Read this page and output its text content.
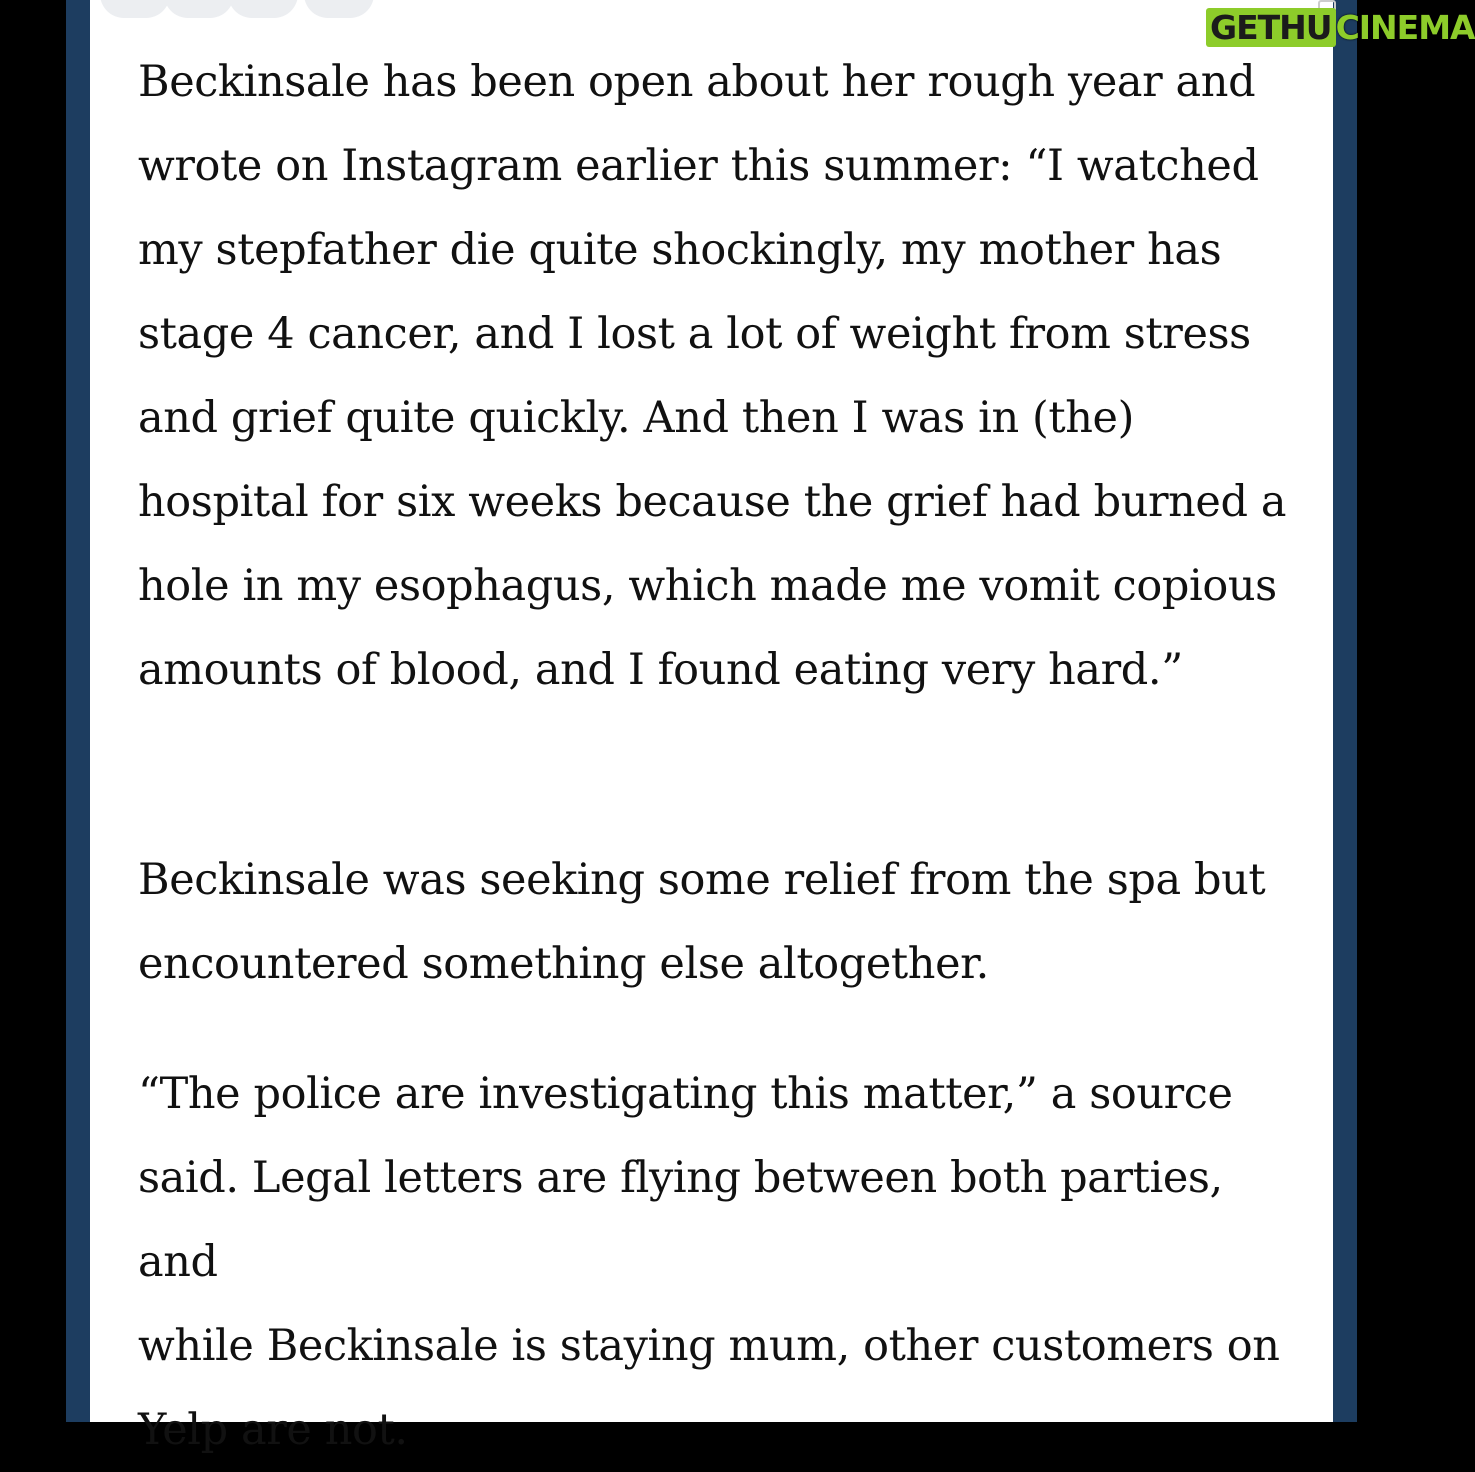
Beckinsale has been open about her rough year and
wrote on Instagram earlier this summer: “I watched
my stepfather die quite shockingly, my mother has
stage 4 cancer, and I lost a lot of weight from stress
and grief quite quickly. And then I was in (the)
hospital for six weeks because the grief had burned a
hole in my esophagus, which made me vomit copious
amounts of blood, and I found eating very hard.”

Beckinsale was seeking some relief from the spa but
encountered something else altogether.

“The police are investigating this matter,” a source
said. Legal letters are flying between both parties, and
while Beckinsale is staying mum, other customers on
Yelp are not.

GETHU CINEMA
